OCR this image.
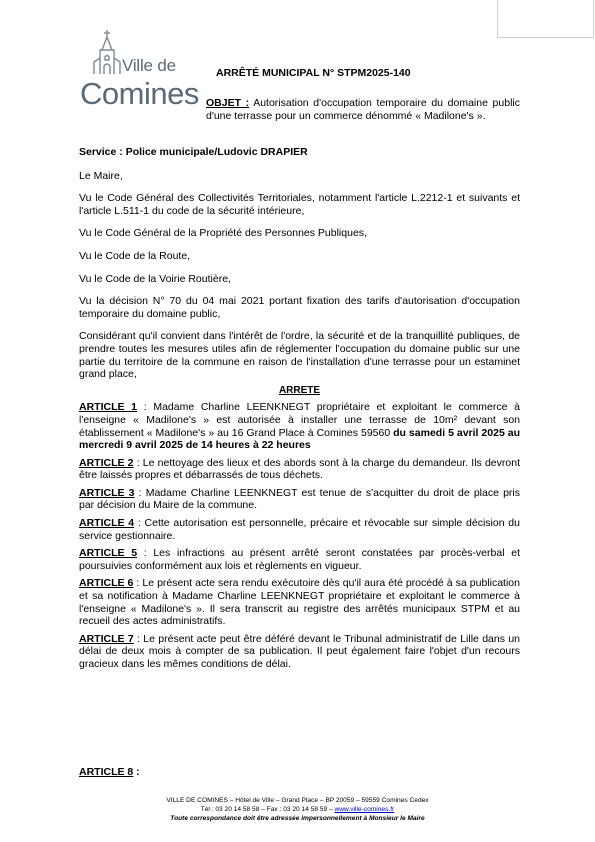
Ville de
Comines
ARRÊTÉ MUNICIPAL N° STPM2025-140
OBJET : Autorisation d'occupation temporaire du domaine public d'une terrasse pour un commerce dénommé « Madilone's ».

Service : Police municipale/Ludovic DRAPIER

Le Maire,

Vu le Code Général des Collectivités Territoriales, notamment l'article L.2212-1 et suivants et l'article L.511-1 du code de la sécurité intérieure,

Vu le Code Général de la Propriété des Personnes Publiques,

Vu le Code de la Route,

Vu le Code de la Voirie Routière,

Vu la décision N° 70 du 04 mai 2021 portant fixation des tarifs d'autorisation d'occupation temporaire du domaine public,

Considérant qu'il convient dans l'intérêt de l'ordre, la sécurité et de la tranquillité publiques, de prendre toutes les mesures utiles afin de réglementer l'occupation du domaine public sur une partie du territoire de la commune en raison de l'installation d'une terrasse pour un estaminet grand place,

ARRETE

ARTICLE 1 : Madame Charline LEENKNEGT propriétaire et exploitant le commerce à l'enseigne « Madilone's » est autorisée à installer une terrasse de 10m² devant son établissement « Madilone's » au 16 Grand Place à Comines 59560 du samedi 5 avril 2025 au mercredi 9 avril 2025 de 14 heures à 22 heures

ARTICLE 2 : Le nettoyage des lieux et des abords sont à la charge du demandeur. Ils devront être laissés propres et débarrassés de tous déchets.

ARTICLE 3 : Madame Charline LEENKNEGT est tenue de s'acquitter du droit de place pris par décision du Maire de la commune.

ARTICLE 4 : Cette autorisation est personnelle, précaire et révocable sur simple décision du service gestionnaire.

ARTICLE 5 : Les infractions au présent arrêté seront constatées par procès-verbal et poursuivies conformément aux lois et règlements en vigueur.

ARTICLE 6 : Le présent acte sera rendu exécutoire dès qu'il aura été procédé à sa publication et sa notification à Madame Charline LEENKNEGT propriétaire et exploitant le commerce à l'enseigne « Madilone's ». Il sera transcrit au registre des arrêtés municipaux STPM et au recueil des actes administratifs.

ARTICLE 7 : Le présent acte peut être déféré devant le Tribunal administratif de Lille dans un délai de deux mois à compter de sa publication. Il peut également faire l'objet d'un recours gracieux dans les mêmes conditions de délai.

ARTICLE 8 :
VILLE DE COMINES – Hôtel de Ville – Grand Place – BP 20059 – 59559 Comines Cedex
Tél : 03 20 14 58 58 – Fax : 03 20 14 58 59 – www.ville-comines.fr
Toute correspondance doit être adressée impersonnellement à Monsieur le Maire
